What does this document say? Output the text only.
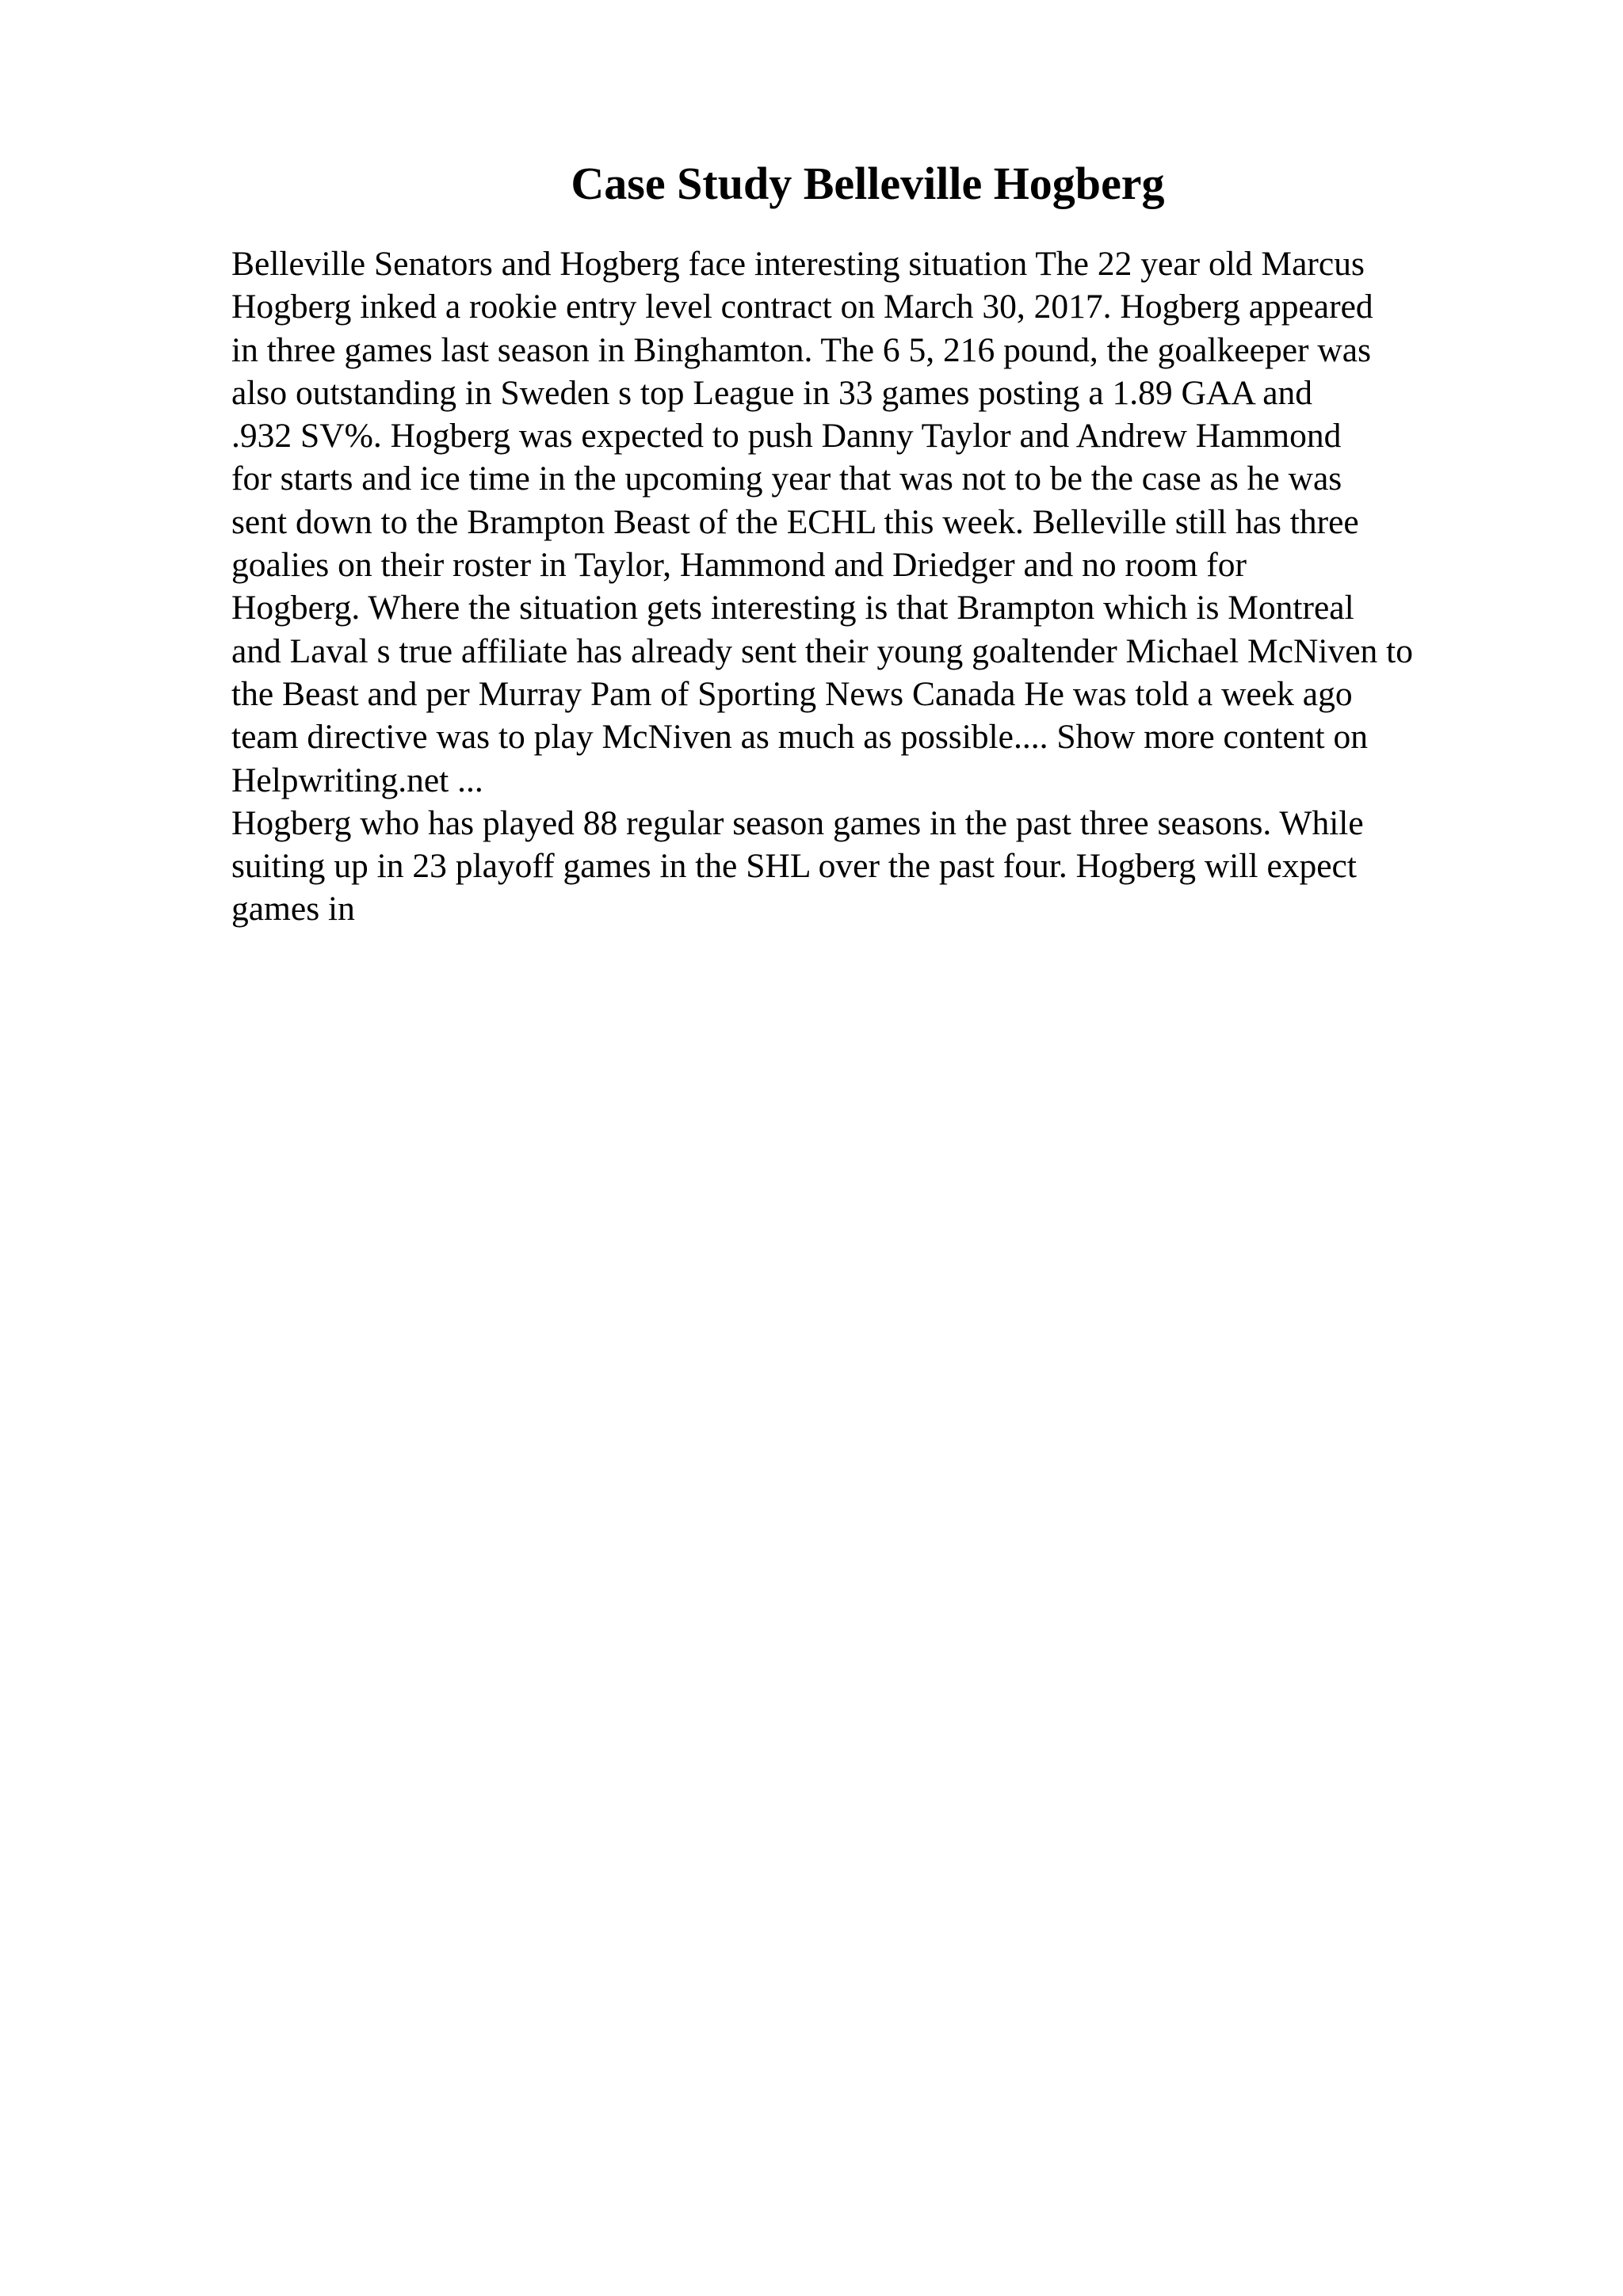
Case Study Belleville Hogberg
Belleville Senators and Hogberg face interesting situation The 22 year old Marcus
Hogberg inked a rookie entry level contract on March 30, 2017. Hogberg appeared
in three games last season in Binghamton. The 6 5, 216 pound, the goalkeeper was
also outstanding in Sweden s top League in 33 games posting a 1.89 GAA and
.932 SV%. Hogberg was expected to push Danny Taylor and Andrew Hammond
for starts and ice time in the upcoming year that was not to be the case as he was
sent down to the Brampton Beast of the ECHL this week. Belleville still has three
goalies on their roster in Taylor, Hammond and Driedger and no room for
Hogberg. Where the situation gets interesting is that Brampton which is Montreal
and Laval s true affiliate has already sent their young goaltender Michael McNiven to
the Beast and per Murray Pam of Sporting News Canada He was told a week ago
team directive was to play McNiven as much as possible.... Show more content on
Helpwriting.net ...
Hogberg who has played 88 regular season games in the past three seasons. While
suiting up in 23 playoff games in the SHL over the past four. Hogberg will expect
games in
